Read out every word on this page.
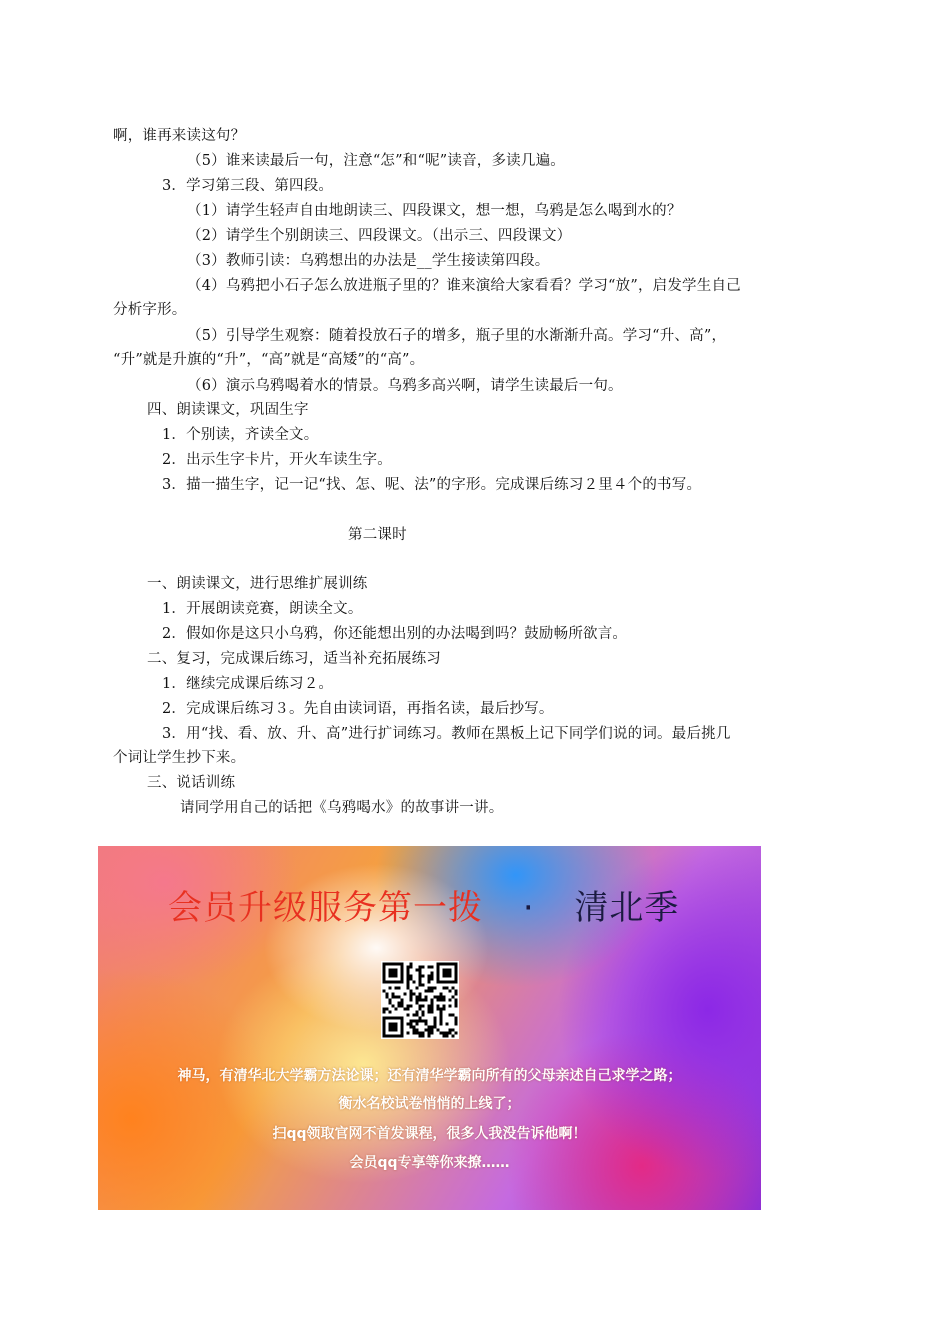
啊，谁再来读这句？
（5）谁来读最后一句，注意“怎”和“呢”读音，多读几遍。
3．学习第三段、第四段。
（1）请学生轻声自由地朗读三、四段课文，想一想，乌鸦是怎么喝到水的？
（2）请学生个别朗读三、四段课文。（出示三、四段课文）
（3）教师引读：乌鸦想出的办法是__学生接读第四段。
（4）乌鸦把小石子怎么放进瓶子里的？谁来演给大家看看？学习“放”，启发学生自己
分析字形。
（5）引导学生观察：随着投放石子的增多，瓶子里的水渐渐升高。学习“升、高”，
“升”就是升旗的“升”，“高”就是“高矮”的“高”。
（6）演示乌鸦喝着水的情景。乌鸦多高兴啊，请学生读最后一句。
四、朗读课文，巩固生字
1．个别读，齐读全文。
2．出示生字卡片，开火车读生字。
3．描一描生字，记一记“找、怎、呢、法”的字形。完成课后练习２里４个的书写。
第二课时
一、朗读课文，进行思维扩展训练
1．开展朗读竞赛，朗读全文。
2．假如你是这只小乌鸦，你还能想出别的办法喝到吗？鼓励畅所欲言。
二、复习，完成课后练习，适当补充拓展练习
1．继续完成课后练习２。
2．完成课后练习３。先自由读词语，再指名读，最后抄写。
3．用“找、看、放、升、高”进行扩词练习。教师在黑板上记下同学们说的词。最后挑几
个词让学生抄下来。
三、说话训练
请同学用自己的话把《乌鸦喝水》的故事讲一讲。
会员升级服务第一拨 · 清北季
神马，有清华北大学霸方法论课；还有清华学霸向所有的父母亲述自己求学之路；
衡水名校试卷悄悄的上线了；
扫qq领取官网不首发课程，很多人我没告诉他啊！
会员qq专享等你来撩……
